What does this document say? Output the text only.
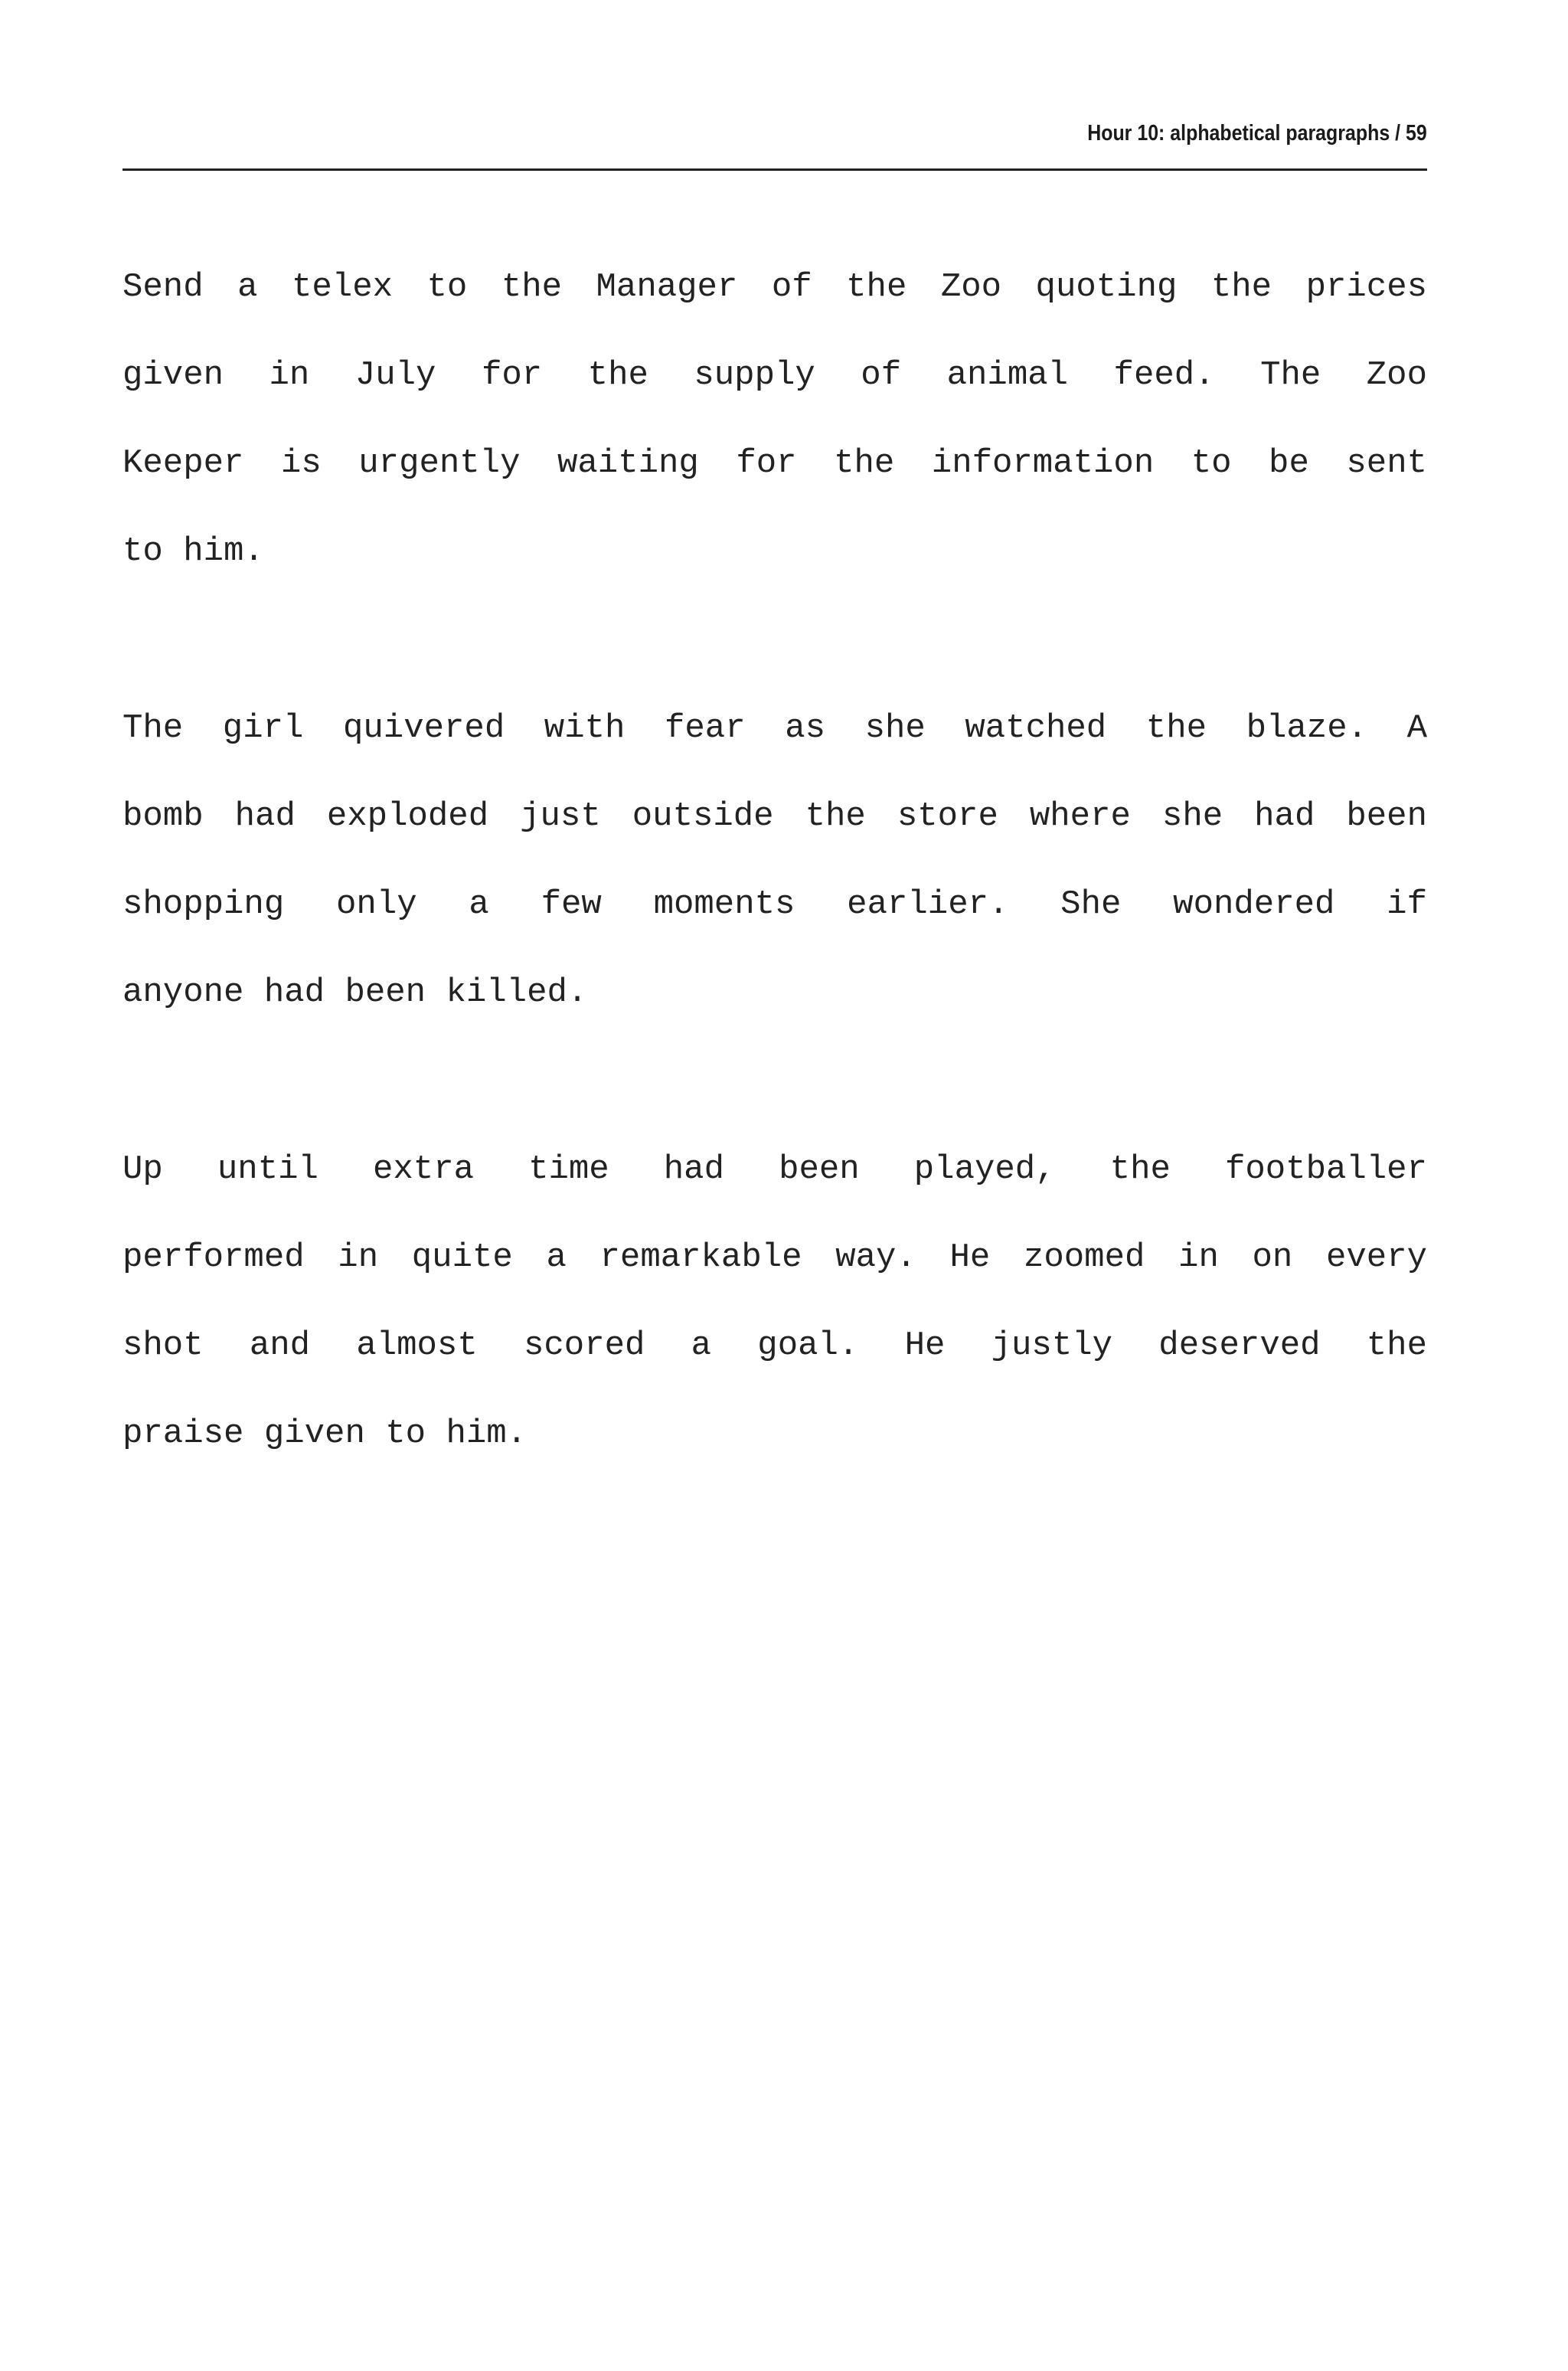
Hour 10: alphabetical paragraphs / 59
Send a telex to the Manager of the Zoo quoting the prices
given in July for the supply of animal feed. The Zoo
Keeper is urgently waiting for the information to be sent
to him.
The girl quivered with fear as she watched the blaze. A
bomb had exploded just outside the store where she had been
shopping only a few moments earlier. She wondered if
anyone had been killed.
Up until extra time had been played, the footballer
performed in quite a remarkable way. He zoomed in on every
shot and almost scored a goal. He justly deserved the
praise given to him.
